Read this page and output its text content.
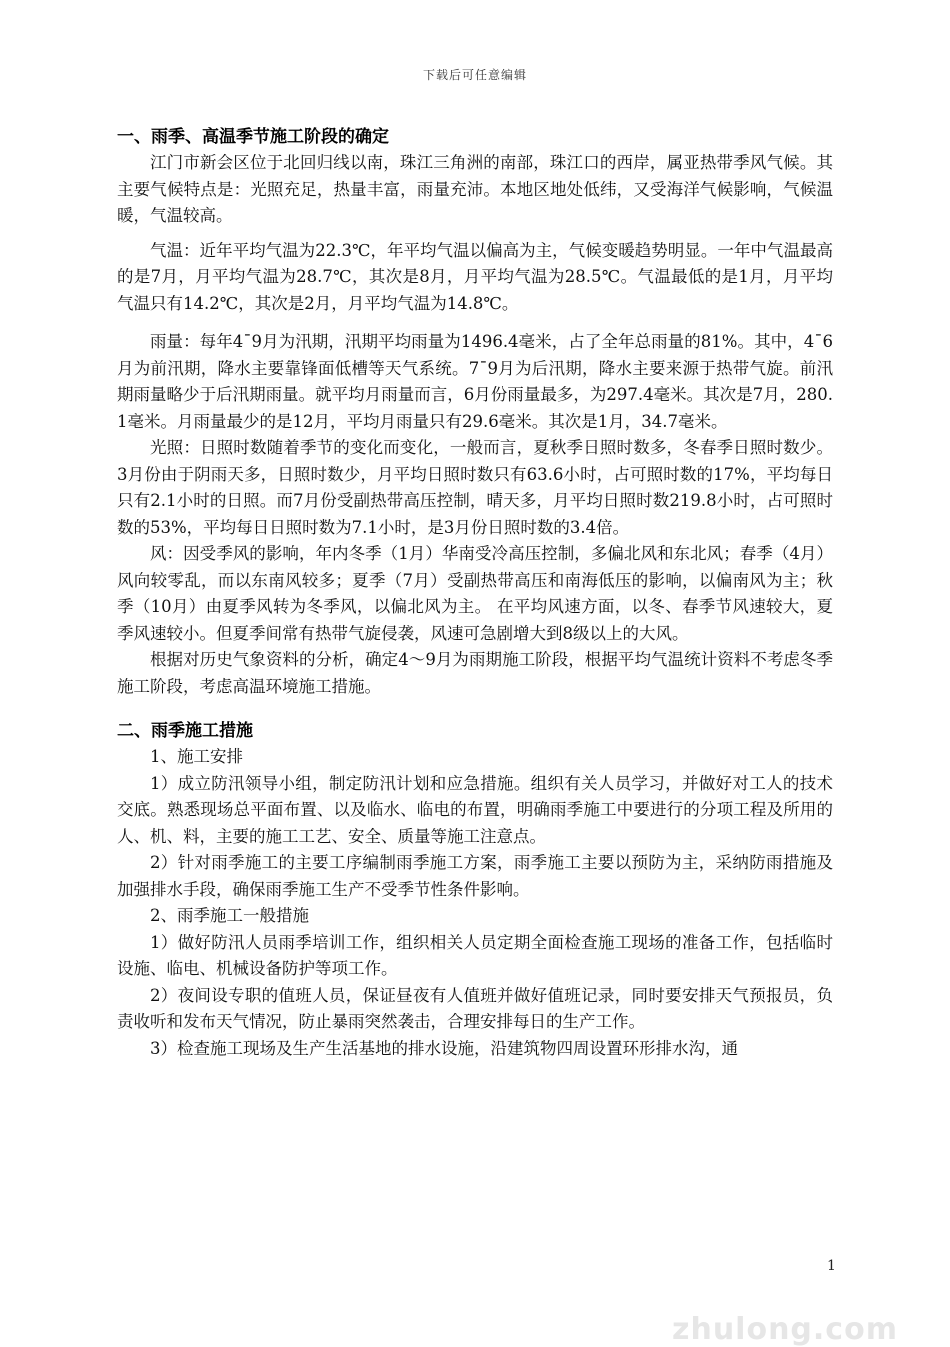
下载后可任意编辑
一、雨季、高温季节施工阶段的确定

江门市新会区位于北回归线以南，珠江三角洲的南部，珠江口的西岸，属亚热带季风气候。其主要气候特点是：光照充足，热量丰富，雨量充沛。本地区地处低纬，又受海洋气候影响，气候温暖，气温较高。

气温：近年平均气温为22.3℃，年平均气温以偏高为主，气候变暖趋势明显。一年中气温最高的是7月，月平均气温为28.7℃，其次是8月，月平均气温为28.5℃。气温最低的是1月，月平均气温只有14.2℃，其次是2月，月平均气温为14.8℃。

雨量：每年4ˉ9月为汛期，汛期平均雨量为1496.4毫米，占了全年总雨量的81%。其中，4ˉ6月为前汛期，降水主要靠锋面低槽等天气系统。7ˉ9月为后汛期，降水主要来源于热带气旋。前汛期雨量略少于后汛期雨量。就平均月雨量而言，6月份雨量最多，为297.4毫米。其次是7月，280.1毫米。月雨量最少的是12月，平均月雨量只有29.6毫米。其次是1月，34.7毫米。

光照：日照时数随着季节的变化而变化，一般而言，夏秋季日照时数多，冬春季日照时数少。3月份由于阴雨天多，日照时数少，月平均日照时数只有63.6小时，占可照时数的17%，平均每日只有2.1小时的日照。而7月份受副热带高压控制，晴天多，月平均日照时数219.8小时，占可照时数的53%，平均每日日照时数为7.1小时，是3月份日照时数的3.4倍。

风：因受季风的影响，年内冬季（1月）华南受冷高压控制，多偏北风和东北风；春季（4月）风向较零乱，而以东南风较多；夏季（7月）受副热带高压和南海低压的影响，以偏南风为主；秋季（10月）由夏季风转为冬季风，以偏北风为主。 在平均风速方面，以冬、春季节风速较大，夏季风速较小。但夏季间常有热带气旋侵袭，风速可急剧增大到8级以上的大风。

根据对历史气象资料的分析，确定4～9月为雨期施工阶段，根据平均气温统计资料不考虑冬季施工阶段，考虑高温环境施工措施。

二、雨季施工措施

1、施工安排

1）成立防汛领导小组，制定防汛计划和应急措施。组织有关人员学习，并做好对工人的技术交底。熟悉现场总平面布置、以及临水、临电的布置，明确雨季施工中要进行的分项工程及所用的人、机、料，主要的施工工艺、安全、质量等施工注意点。

2）针对雨季施工的主要工序编制雨季施工方案，雨季施工主要以预防为主，采纳防雨措施及加强排水手段，确保雨季施工生产不受季节性条件影响。

2、雨季施工一般措施

1）做好防汛人员雨季培训工作，组织相关人员定期全面检查施工现场的准备工作，包括临时设施、临电、机械设备防护等项工作。

2）夜间设专职的值班人员，保证昼夜有人值班并做好值班记录，同时要安排天气预报员，负责收听和发布天气情况，防止暴雨突然袭击，合理安排每日的生产工作。

3）检查施工现场及生产生活基地的排水设施，沿建筑物四周设置环形排水沟，通

1
zhulong.com
